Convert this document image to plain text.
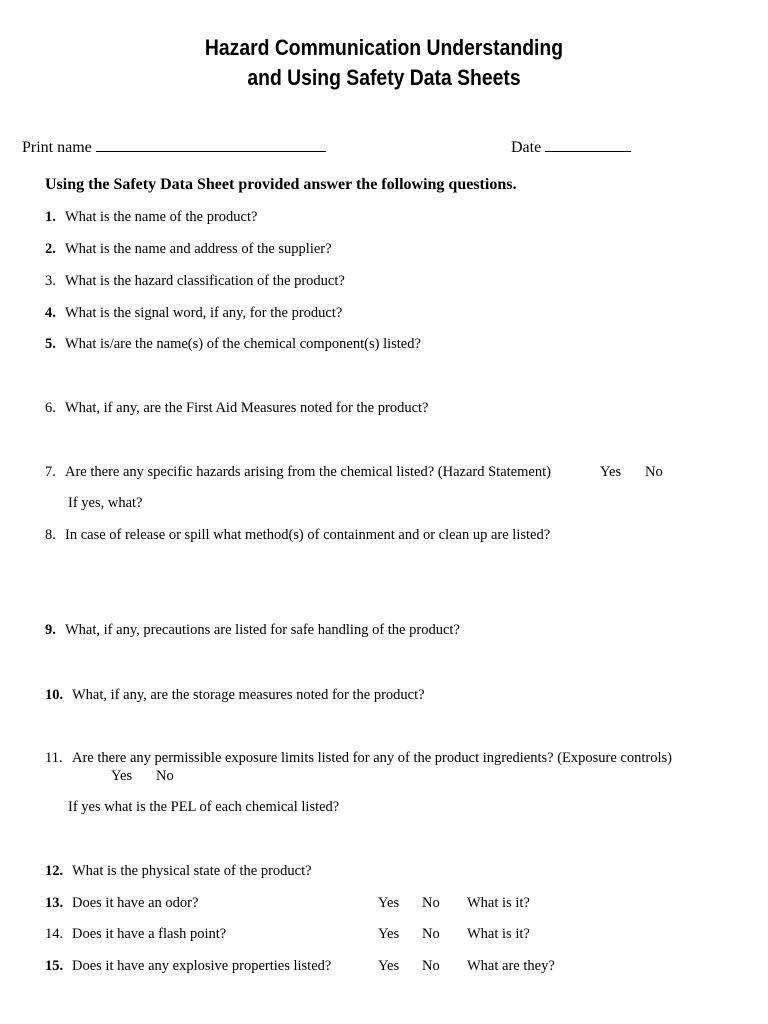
Hazard Communication Understanding
and Using Safety Data Sheets
Print name	Date
Using the Safety Data Sheet provided answer the following questions.
1. What is the name of the product?
2. What is the name and address of the supplier?
3. What is the hazard classification of the product?
4. What is the signal word, if any, for the product?
5. What is/are the name(s) of the chemical component(s) listed?
6. What, if any, are the First Aid Measures noted for the product?
7. Are there any specific hazards arising from the chemical listed? (Hazard Statement)	Yes No
If yes, what?
8. In case of release or spill what method(s) of containment and or clean up are listed?
9. What, if any, precautions are listed for safe handling of the product?
10. What, if any, are the storage measures noted for the product?
11. Are there any permissible exposure limits listed for any of the product ingredients? (Exposure controls)
Yes No
If yes what is the PEL of each chemical listed?
12. What is the physical state of the product?
13. Does it have an odor?	Yes No What is it?
14. Does it have a flash point?	Yes No What is it?
15. Does it have any explosive properties listed?	Yes No What are they?
